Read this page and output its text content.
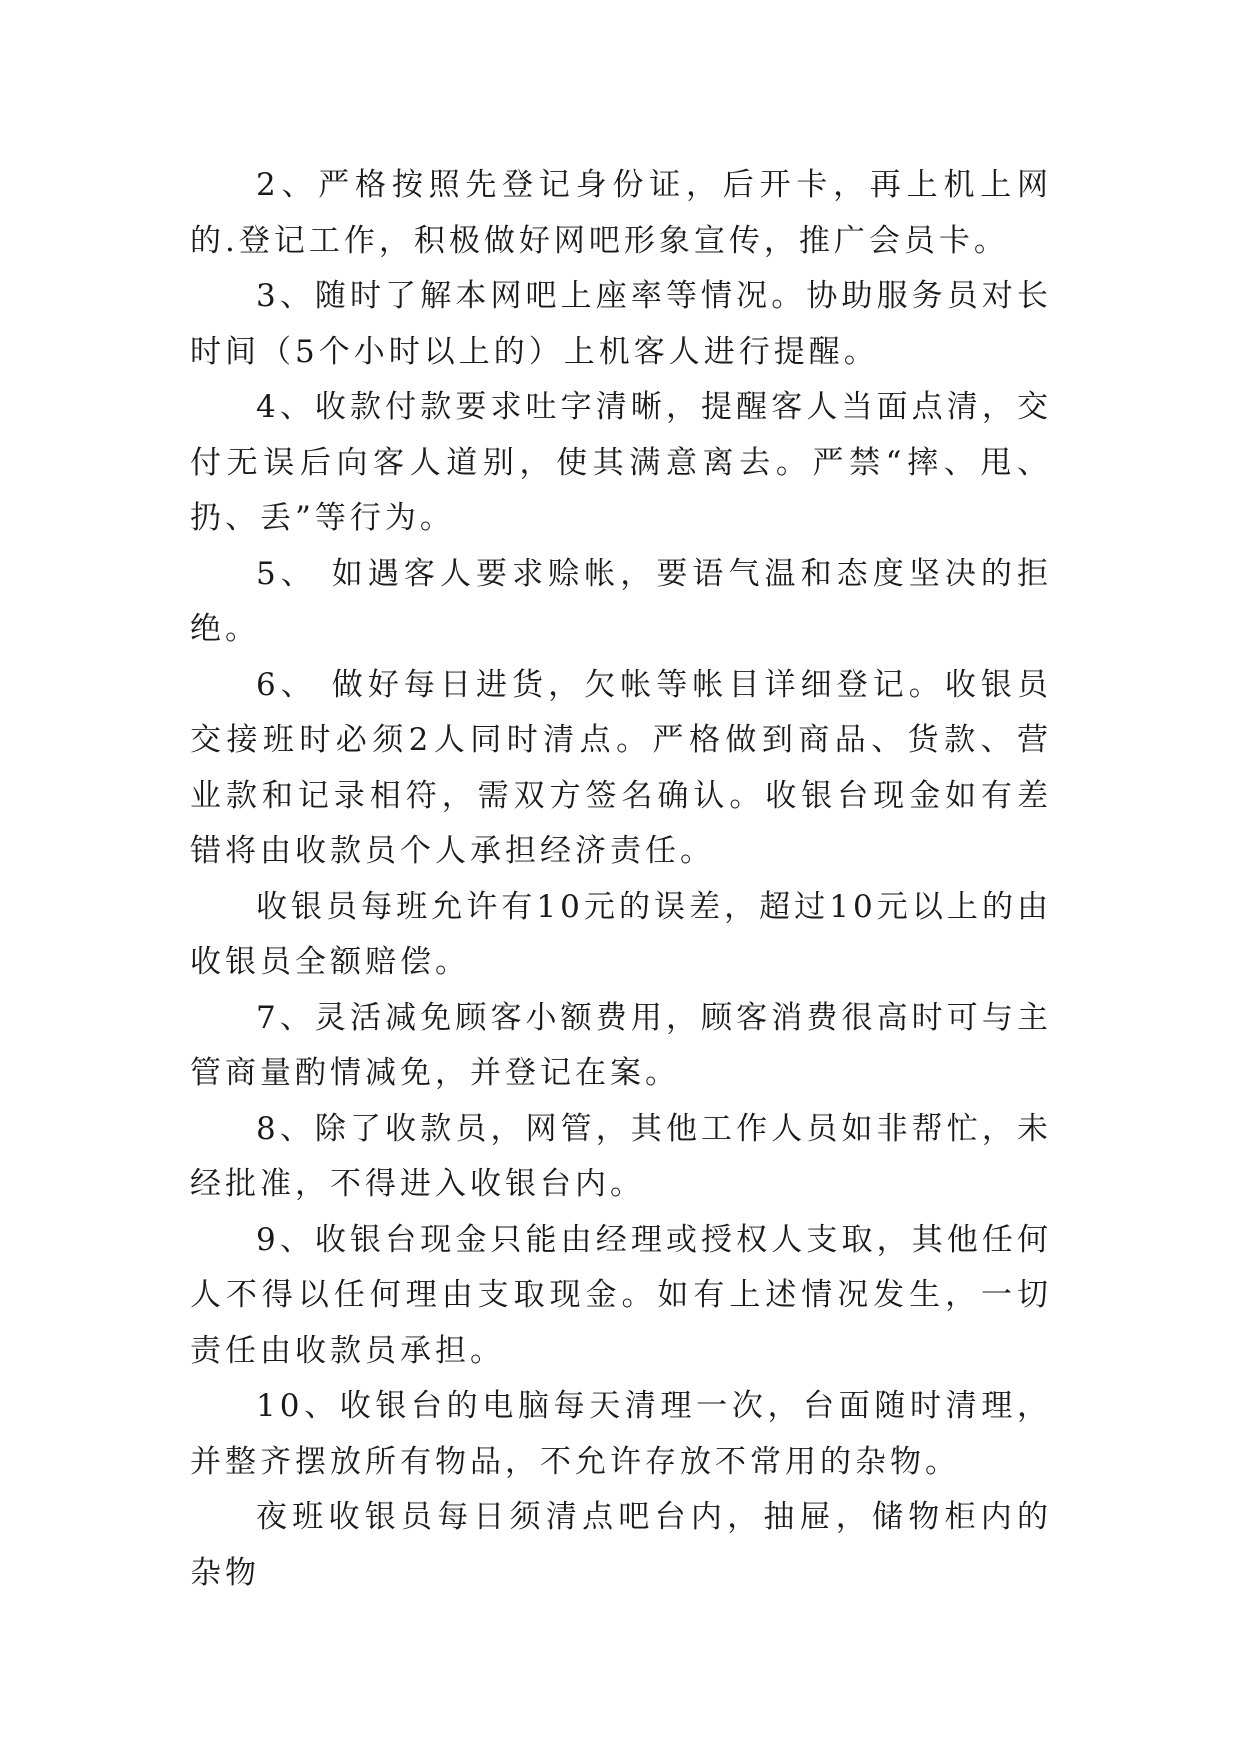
2、严格按照先登记身份证，后开卡，再上机上网的.登记工作，积极做好网吧形象宣传，推广会员卡。

3、随时了解本网吧上座率等情况。协助服务员对长时间（5个小时以上的）上机客人进行提醒。

4、收款付款要求吐字清晰，提醒客人当面点清，交付无误后向客人道别，使其满意离去。严禁“摔、甩、扔、丢”等行为。

5、 如遇客人要求赊帐，要语气温和态度坚决的拒绝。

6、 做好每日进货，欠帐等帐目详细登记。收银员交接班时必须2人同时清点。严格做到商品、货款、营业款和记录相符，需双方签名确认。收银台现金如有差错将由收款员个人承担经济责任。

收银员每班允许有10元的误差，超过10元以上的由收银员全额赔偿。

7、灵活减免顾客小额费用，顾客消费很高时可与主管商量酌情减免，并登记在案。

8、除了收款员，网管，其他工作人员如非帮忙，未经批准，不得进入收银台内。

9、收银台现金只能由经理或授权人支取，其他任何人不得以任何理由支取现金。如有上述情况发生，一切责任由收款员承担。

10、收银台的电脑每天清理一次，台面随时清理，并整齐摆放所有物品，不允许存放不常用的杂物。

夜班收银员每日须清点吧台内，抽屉，储物柜内的杂物
